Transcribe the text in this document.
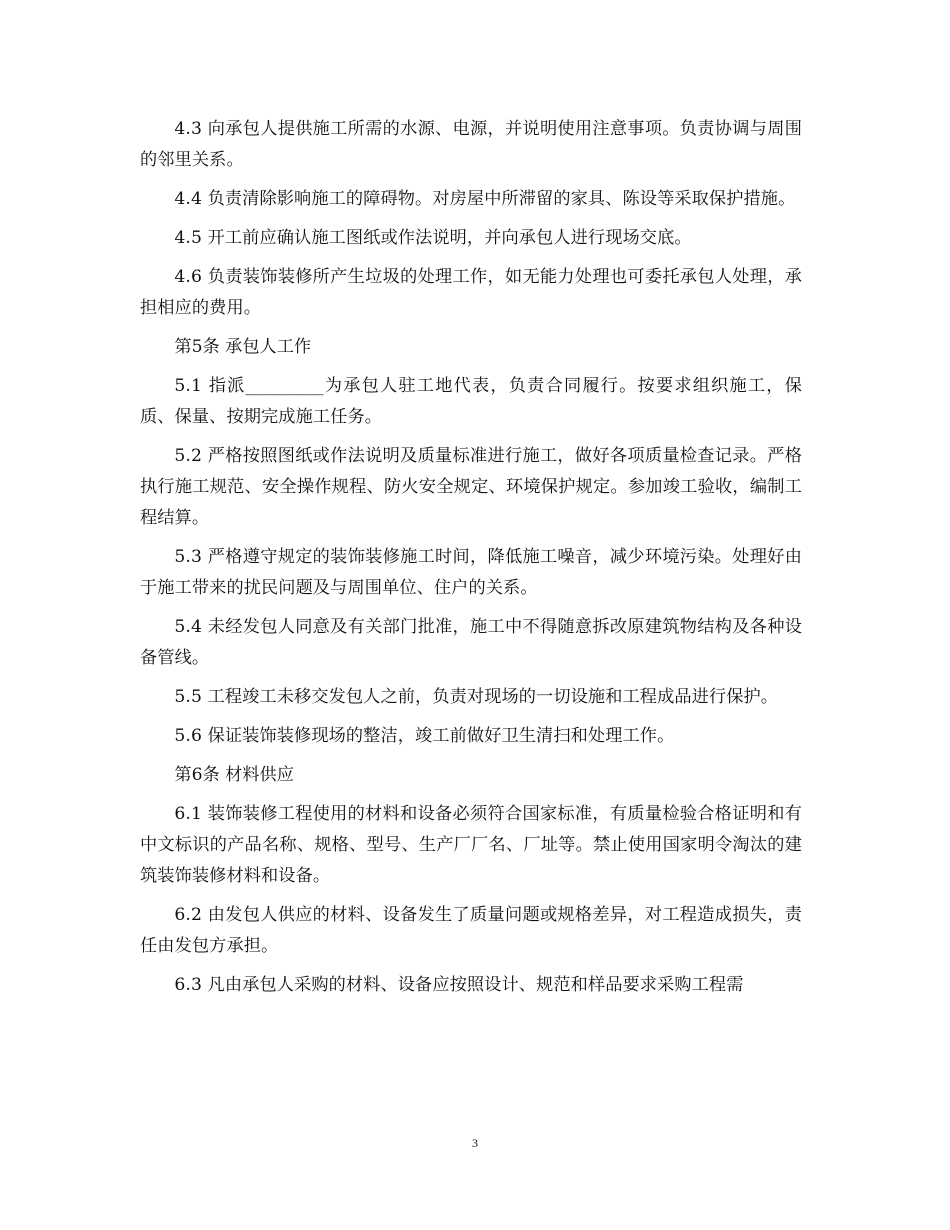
4.3 向承包人提供施工所需的水源、电源，并说明使用注意事项。负责协调与周围的邻里关系。

4.4 负责清除影响施工的障碍物。对房屋中所滞留的家具、陈设等采取保护措施。

4.5 开工前应确认施工图纸或作法说明，并向承包人进行现场交底。

4.6 负责装饰装修所产生垃圾的处理工作，如无能力处理也可委托承包人处理，承担相应的费用。

第5条 承包人工作

5.1 指派_________为承包人驻工地代表，负责合同履行。按要求组织施工，保质、保量、按期完成施工任务。

5.2 严格按照图纸或作法说明及质量标准进行施工，做好各项质量检查记录。严格执行施工规范、安全操作规程、防火安全规定、环境保护规定。参加竣工验收，编制工程结算。

5.3 严格遵守规定的装饰装修施工时间，降低施工噪音，减少环境污染。处理好由于施工带来的扰民问题及与周围单位、住户的关系。

5.4 未经发包人同意及有关部门批准，施工中不得随意拆改原建筑物结构及各种设备管线。

5.5 工程竣工未移交发包人之前，负责对现场的一切设施和工程成品进行保护。

5.6 保证装饰装修现场的整洁，竣工前做好卫生清扫和处理工作。

第6条 材料供应

6.1 装饰装修工程使用的材料和设备必须符合国家标准，有质量检验合格证明和有中文标识的产品名称、规格、型号、生产厂厂名、厂址等。禁止使用国家明令淘汰的建筑装饰装修材料和设备。

6.2 由发包人供应的材料、设备发生了质量问题或规格差异，对工程造成损失，责任由发包方承担。

6.3 凡由承包人采购的材料、设备应按照设计、规范和样品要求采购工程需

3
